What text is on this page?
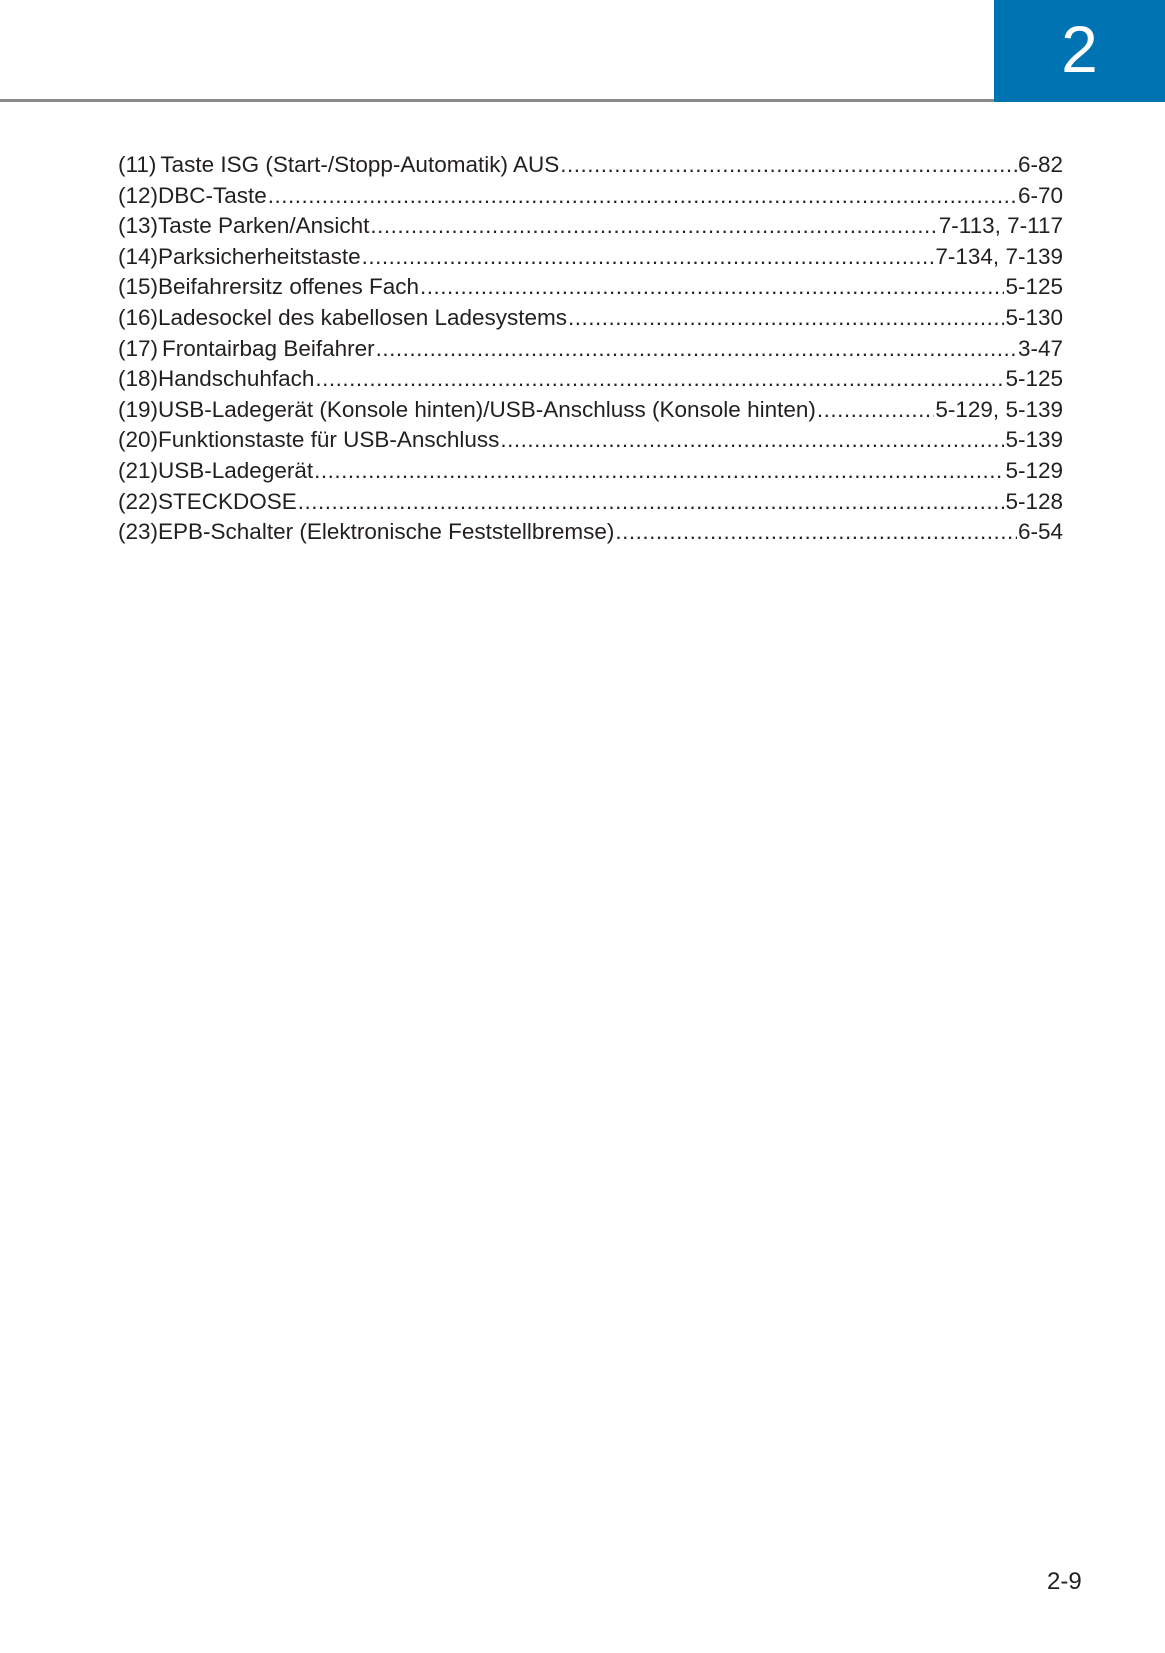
2
(11) Taste ISG (Start-/Stopp-Automatik) AUS .....	6-82
(12) DBC-Taste .....	6-70
(13) Taste Parken/Ansicht .....	7-113, 7-117
(14) Parksicherheitstaste .....	7-134, 7-139
(15) Beifahrersitz offenes Fach .....	5-125
(16) Ladesockel des kabellosen Ladesystems .....	5-130
(17) Frontairbag Beifahrer .....	3-47
(18) Handschuhfach .....	5-125
(19) USB-Ladegerät (Konsole hinten)/USB-Anschluss (Konsole hinten) .....	5-129, 5-139
(20) Funktionstaste für USB-Anschluss .....	5-139
(21) USB-Ladegerät .....	5-129
(22) STECKDOSE .....	5-128
(23) EPB-Schalter (Elektronische Feststellbremse) .....	6-54
2-9
